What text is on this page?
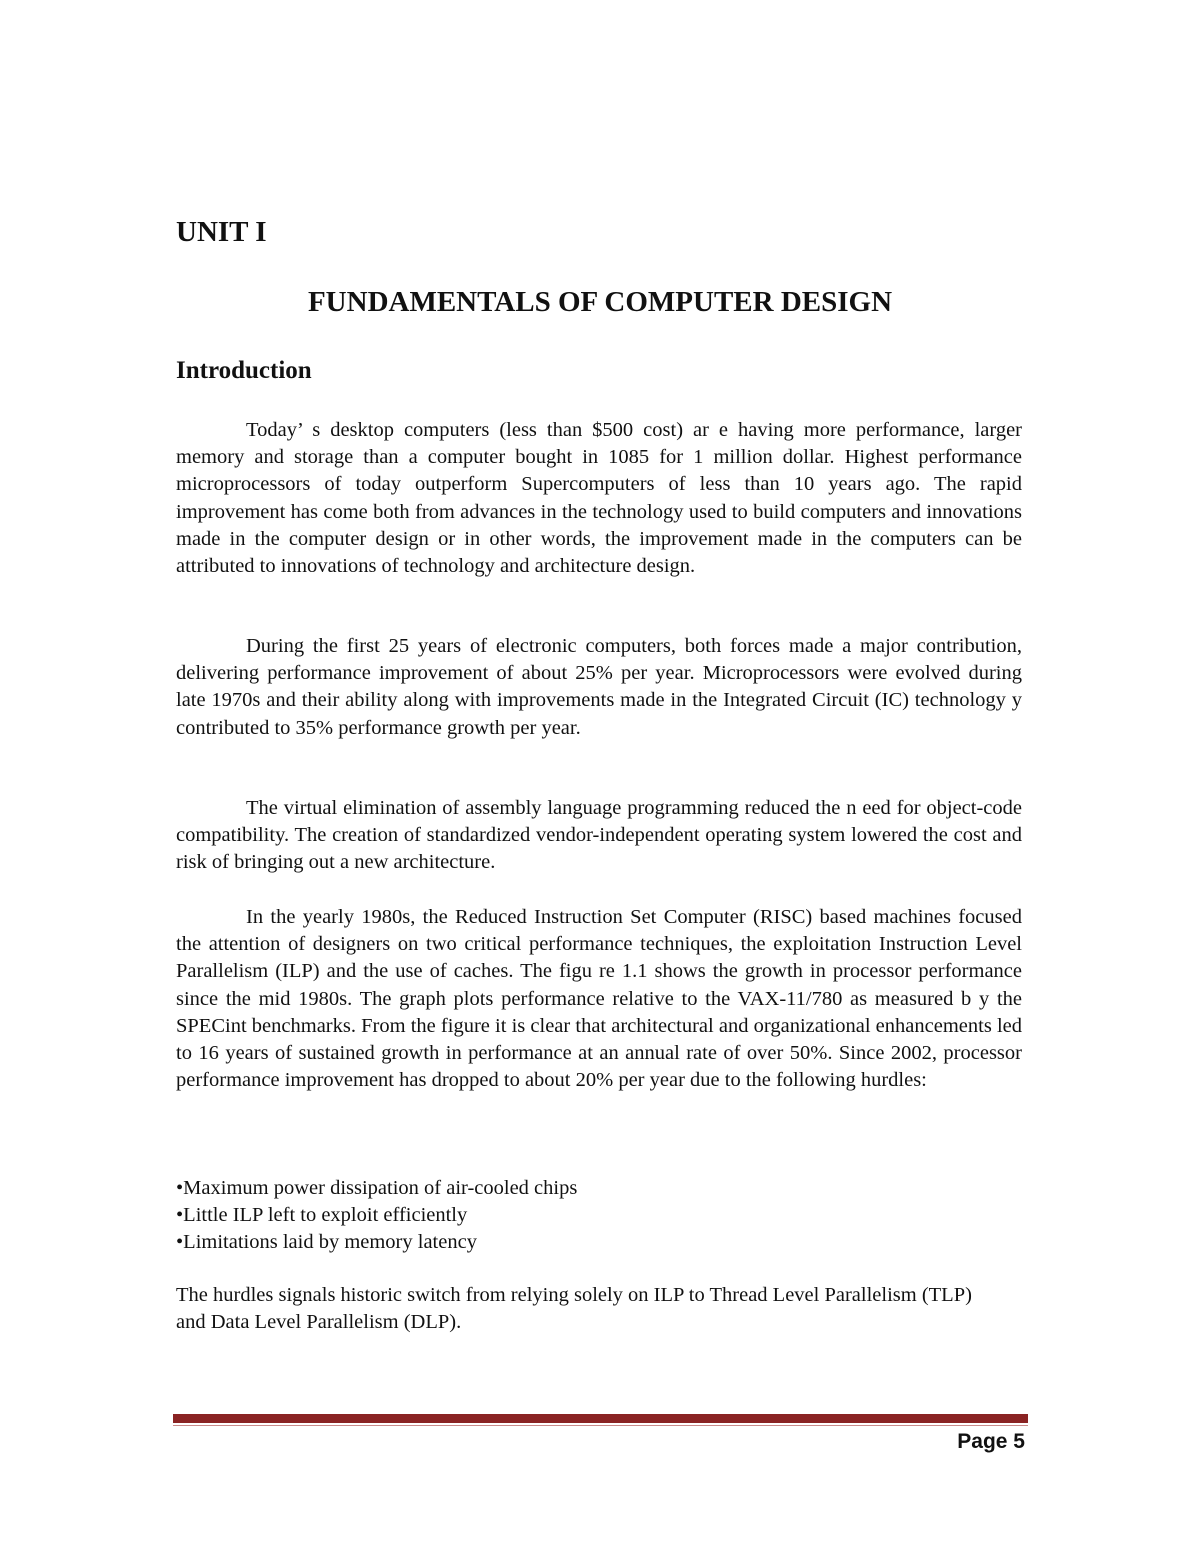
UNIT I
FUNDAMENTALS OF COMPUTER DESIGN
Introduction

Today’ s desktop computers (less than $500 cost) ar e having more performance, larger memory and storage than a computer bought in 1085 for 1 million dollar. Highest performance microprocessors of today outperform Supercomputers of less than 10 years ago. The rapid improvement has come both from advances in the technology used to build computers and innovations made in the computer design or in other words, the improvement made in the computers can be attributed to innovations of technology and architecture design.

During the first 25 years of electronic computers, both forces made a major contribution, delivering performance improvement of about 25% per year. Microprocessors were evolved during late 1970s and their ability along with improvements made in the Integrated Circuit (IC) technology y contributed to 35% performance growth per year.

The virtual elimination of assembly language programming reduced the n eed for object-code compatibility. The creation of standardized vendor-independent operating system lowered the cost and risk of bringing out a new architecture.

In the yearly 1980s, the Reduced Instruction Set Computer (RISC) based machines focused the attention of designers on two critical performance techniques, the exploitation Instruction Level Parallelism (ILP) and the use of caches. The figu re 1.1 shows the growth in processor performance since the mid 1980s. The graph plots performance relative to the VAX-11/780 as measured b y the SPECint benchmarks. From the figure it is clear that architectural and organizational enhancements led to 16 years of sustained growth in performance at an annual rate of over 50%. Since 2002, processor performance improvement has dropped to about 20% per year due to the following hurdles:

•Maximum power dissipation of air-cooled chips
•Little ILP left to exploit efficiently
•Limitations laid by memory latency

The hurdles signals historic switch from relying solely on ILP to Thread Level Parallelism (TLP) and Data Level Parallelism (DLP).

Page 5
